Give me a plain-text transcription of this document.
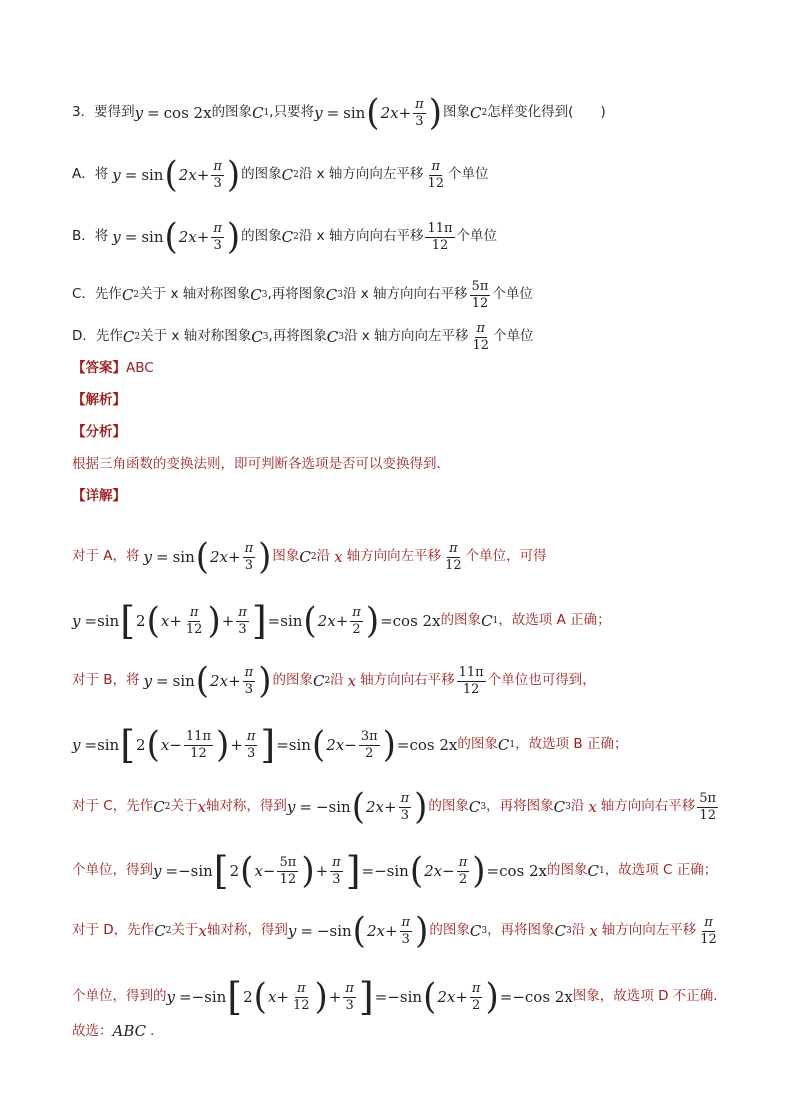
3． 要得到 y = cos 2x 的图象 C 1 ,只要将 y = sin ( $2x + \frac{\pi}{3}$ ) 图象 C 2 怎样变化得到(　　)
A．将 y = sin ( $2x + \frac{\pi}{3}$ ) 的图象 C 2 沿 x 轴方向向左平移 $\frac{\pi}{12}$ 个单位
B．将 y = sin ( $2x + \frac{\pi}{3}$ ) 的图象 C 2 沿 x 轴方向向右平移 $\frac{11\pi}{12}$ 个单位
C．先作 C 2 关于 x 轴对称图象 C 3 ,再将图象 C 3 沿 x 轴方向向右平移 $\frac{5\pi}{12}$ 个单位
D．先作 C 2 关于 x 轴对称图象 C 3 ,再将图象 C 3 沿 x 轴方向向左平移 $\frac{\pi}{12}$ 个单位
【答案】 ABC
【解析】
【分析】
根据三角函数的变换法则，即可判断各选项是否可以变换得到．
【详解】
对于 A，将 y = sin ( $2x + \frac{\pi}{3}$ ) 图象 C 2 沿 x 轴方向向左平移 $\frac{\pi}{12}$ 个单位，可得
y = sin [ 2 ( $x + \frac{\pi}{12}$ ) + $\frac{\pi}{3}$ ] = sin ( $2x + \frac{\pi}{2}$ ) = cos 2x 的图象 C 1 ，故选项 A 正确；
对于 B，将 y = sin ( $2x + \frac{\pi}{3}$ ) 的图象 C 2 沿 x 轴方向向右平移 $\frac{11\pi}{12}$ 个单位也可得到，
y = sin [ 2 ( $x - \frac{11\pi}{12}$ ) + $\frac{\pi}{3}$ ] = sin ( $2x - \frac{3\pi}{2}$ ) = cos 2x 的图象 C 1 ，故选项 B 正确；
对于 C，先作 C 2 关于 x 轴对称，得到 y = −sin ( $2x + \frac{\pi}{3}$ ) 的图象 C 3 ，再将图象 C 3 沿 x 轴方向向右平移 $\frac{5\pi}{12}$
个单位，得到 y = −sin [ 2 ( $x - \frac{5\pi}{12}$ ) + $\frac{\pi}{3}$ ] = −sin ( $2x - \frac{\pi}{2}$ ) = cos 2x 的图象 C 1 ，故选项 C 正确；
对于 D，先作 C 2 关于 x 轴对称，得到 y = −sin ( $2x + \frac{\pi}{3}$ ) 的图象 C 3 ，再将图象 C 3 沿 x 轴方向向左平移 $\frac{\pi}{12}$
个单位，得到的 y = −sin [ 2 ( $x + \frac{\pi}{12}$ ) + $\frac{\pi}{3}$ ] = −sin ( $2x + \frac{\pi}{2}$ ) = −cos 2x 图象，故选项 D 不正确．
故选： ABC ．
